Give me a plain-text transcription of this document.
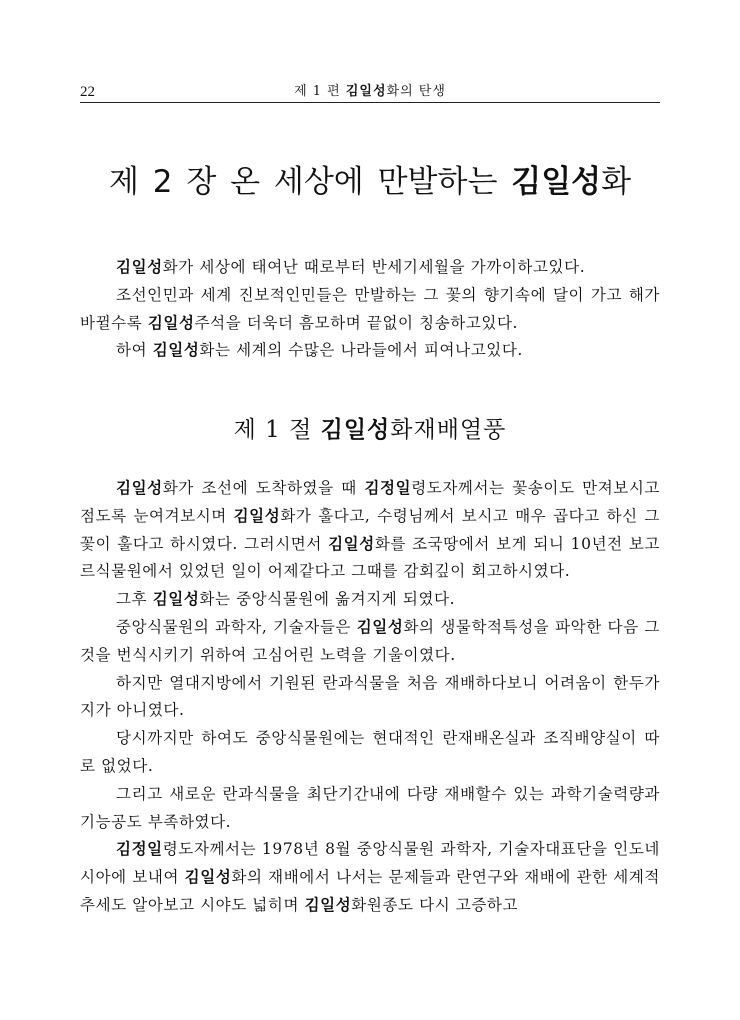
22	제 1 편 김일성화의 탄생
제 2 장 온 세상에 만발하는 김일성화

김일성화가 세상에 태여난 때로부터 반세기세월을 가까이하고있다.

조선인민과 세계 진보적인민들은 만발하는 그 꽃의 향기속에 달이 가고 해가 바뀔수록 김일성주석을 더욱더 흠모하며 끝없이 칭송하고있다.

하여 김일성화는 세계의 수많은 나라들에서 피여나고있다.

제 1 절 김일성화재배열풍

김일성화가 조선에 도착하였을 때 김정일령도자께서는 꽃송이도 만져보시고 점도록 눈여겨보시며 김일성화가 훌다고, 수령님께서 보시고 매우 곱다고 하신 그 꽃이 훌다고 하시였다. 그러시면서 김일성화를 조국땅에서 보게 되니 10년전 보고르식물원에서 있었던 일이 어제같다고 그때를 감회깊이 회고하시였다.

그후 김일성화는 중앙식물원에 옮겨지게 되였다.

중앙식물원의 과학자, 기술자들은 김일성화의 생물학적특성을 파악한 다음 그것을 번식시키기 위하여 고심어린 노력을 기울이였다.

하지만 열대지방에서 기원된 란과식물을 처음 재배하다보니 어려움이 한두가지가 아니였다.

당시까지만 하여도 중앙식물원에는 현대적인 란재배온실과 조직배양실이 따로 없었다.

그리고 새로운 란과식물을 최단기간내에 다량 재배할수 있는 과학기술력량과 기능공도 부족하였다.

김정일령도자께서는 1978년 8월 중앙식물원 과학자, 기술자대표단을 인도네시아에 보내여 김일성화의 재배에서 나서는 문제들과 란연구와 재배에 관한 세계적추세도 알아보고 시야도 넓히며 김일성화원종도 다시 고증하고
